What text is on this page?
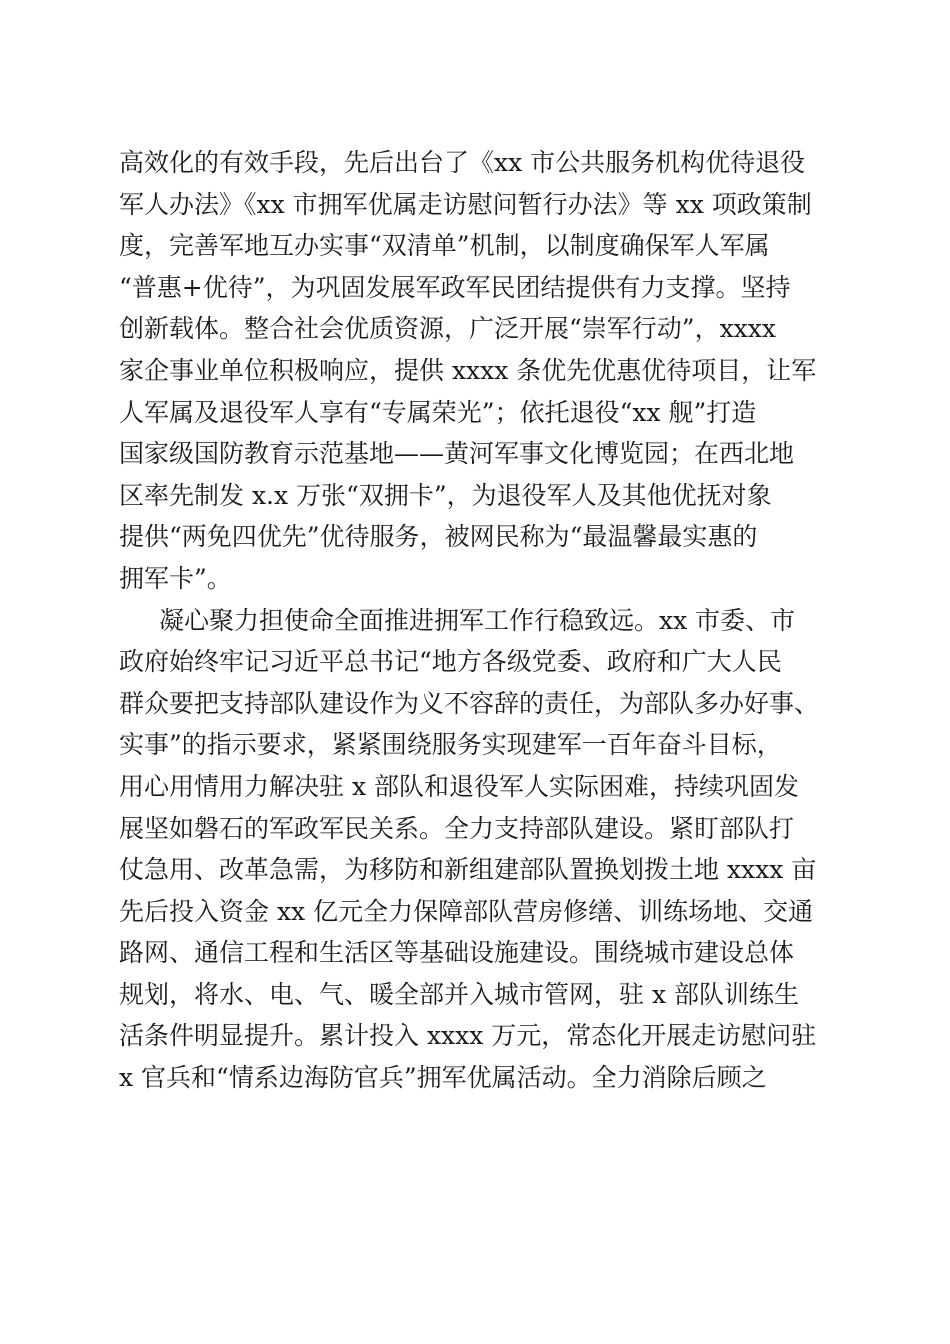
高效化的有效手段，先后出台了《xx 市公共服务机构优待退役
军人办法》《xx 市拥军优属走访慰问暂行办法》等 xx 项政策制
度，完善军地互办实事“双清单”机制，以制度确保军人军属
“普惠+优待”，为巩固发展军政军民团结提供有力支撑。坚持
创新载体。整合社会优质资源，广泛开展“崇军行动”，xxxx
家企事业单位积极响应，提供 xxxx 条优先优惠优待项目，让军
人军属及退役军人享有“专属荣光”；依托退役“xx 舰”打造
国家级国防教育示范基地——黄河军事文化博览园；在西北地
区率先制发 x.x 万张“双拥卡”，为退役军人及其他优抚对象
提供“两免四优先”优待服务，被网民称为“最温馨最实惠的
拥军卡”。
凝心聚力担使命全面推进拥军工作行稳致远。xx 市委、市
政府始终牢记习近平总书记“地方各级党委、政府和广大人民
群众要把支持部队建设作为义不容辞的责任，为部队多办好事、
实事”的指示要求，紧紧围绕服务实现建军一百年奋斗目标，
用心用情用力解决驻 x 部队和退役军人实际困难，持续巩固发
展坚如磐石的军政军民关系。全力支持部队建设。紧盯部队打
仗急用、改革急需，为移防和新组建部队置换划拨土地 xxxx 亩
先后投入资金 xx 亿元全力保障部队营房修缮、训练场地、交通
路网、通信工程和生活区等基础设施建设。围绕城市建设总体
规划，将水、电、气、暖全部并入城市管网，驻 x 部队训练生
活条件明显提升。累计投入 xxxx 万元，常态化开展走访慰问驻
x 官兵和“情系边海防官兵”拥军优属活动。全力消除后顾之
